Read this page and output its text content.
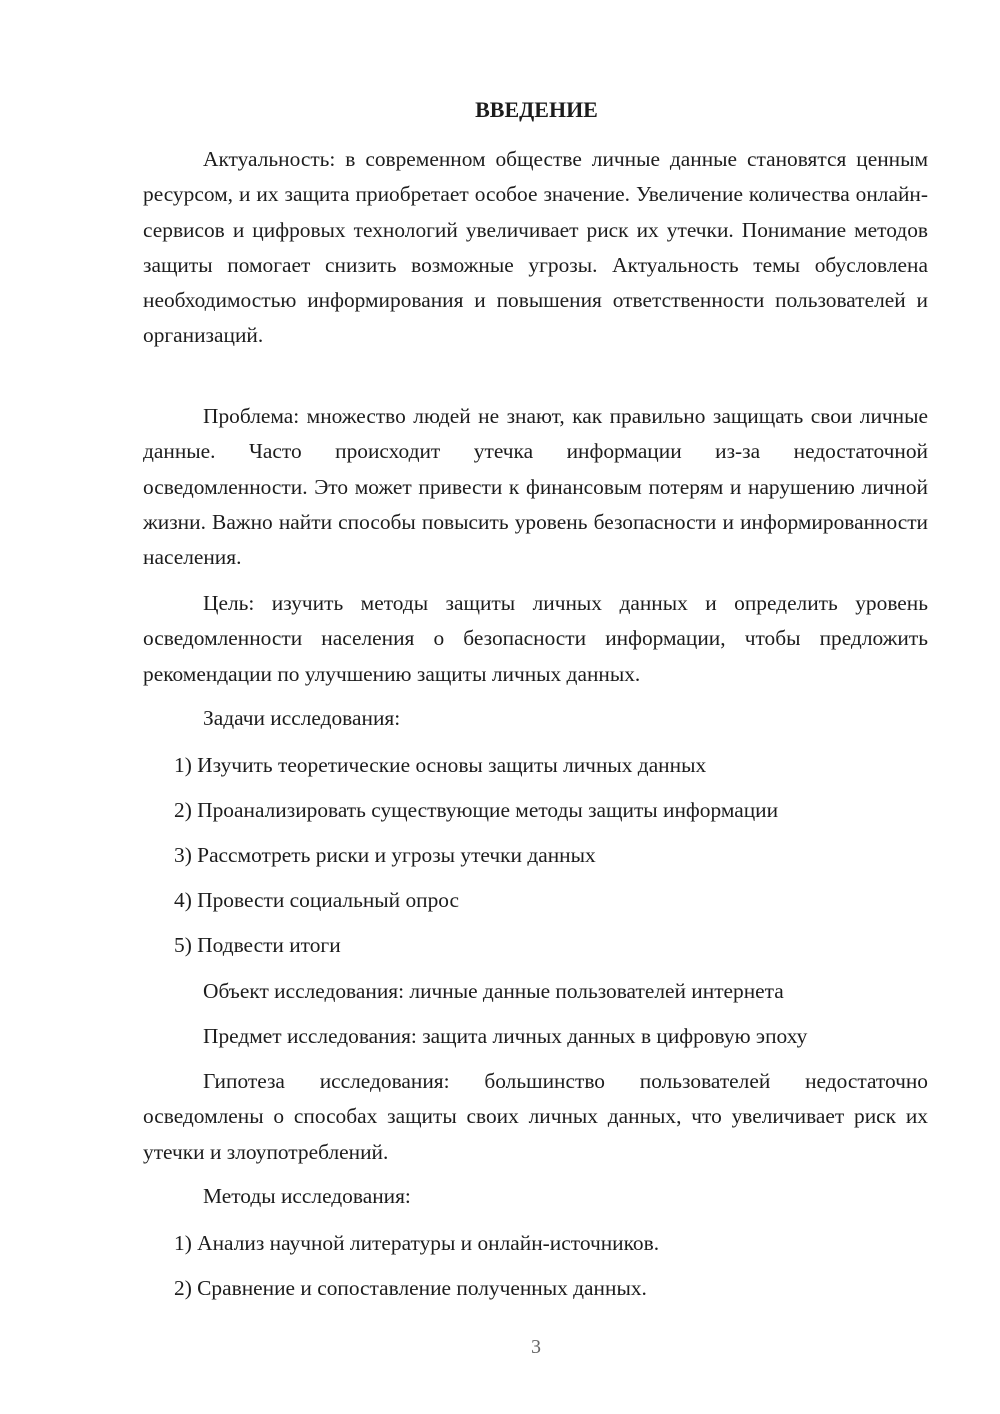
ВВЕДЕНИЕ

Актуальность: в современном обществе личные данные становятся ценным ресурсом, и их защита приобретает особое значение. Увеличение количества онлайн-сервисов и цифровых технологий увеличивает риск их утечки. Понимание методов защиты помогает снизить возможные угрозы. Актуальность темы обусловлена необходимостью информирования и повышения ответственности пользователей и организаций.

Проблема: множество людей не знают, как правильно защищать свои личные данные. Часто происходит утечка информации из-за недостаточной осведомленности. Это может привести к финансовым потерям и нарушению личной жизни. Важно найти способы повысить уровень безопасности и информированности населения.

Цель: изучить методы защиты личных данных и определить уровень осведомленности населения о безопасности информации, чтобы предложить рекомендации по улучшению защиты личных данных.

Задачи исследования:
1) Изучить теоретические основы защиты личных данных
2) Проанализировать существующие методы защиты информации
3) Рассмотреть риски и угрозы утечки данных
4) Провести социальный опрос
5) Подвести итоги
Объект исследования: личные данные пользователей интернета
Предмет исследования: защита личных данных в цифровую эпоху

Гипотеза исследования: большинство пользователей недостаточно осведомлены о способах защиты своих личных данных, что увеличивает риск их утечки и злоупотреблений.

Методы исследования:
1) Анализ научной литературы и онлайн-источников.
2) Сравнение и сопоставление полученных данных.
3
